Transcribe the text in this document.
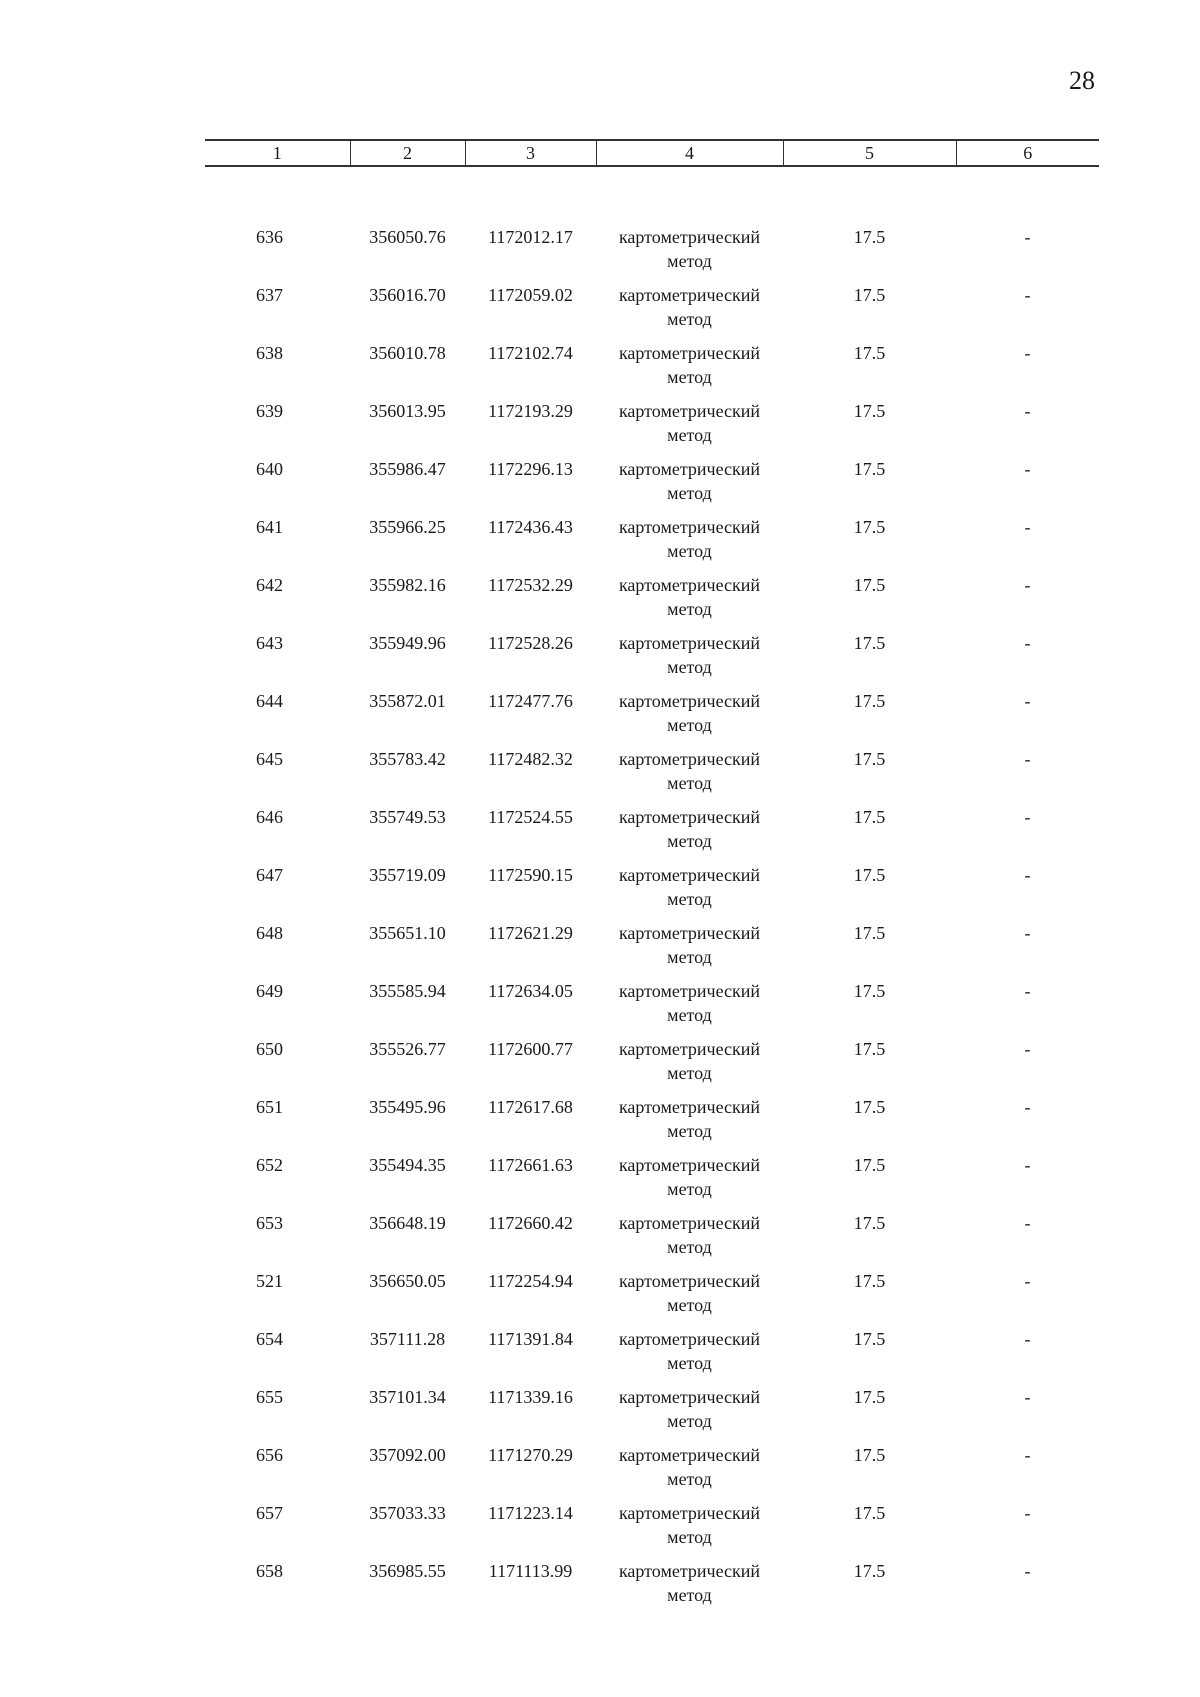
28
1	2	3	4	5	6

636	356050.76	1172012.17	картометрический
метод	17.5	-
637	356016.70	1172059.02	картометрический
метод	17.5	-
638	356010.78	1172102.74	картометрический
метод	17.5	-
639	356013.95	1172193.29	картометрический
метод	17.5	-
640	355986.47	1172296.13	картометрический
метод	17.5	-
641	355966.25	1172436.43	картометрический
метод	17.5	-
642	355982.16	1172532.29	картометрический
метод	17.5	-
643	355949.96	1172528.26	картометрический
метод	17.5	-
644	355872.01	1172477.76	картометрический
метод	17.5	-
645	355783.42	1172482.32	картометрический
метод	17.5	-
646	355749.53	1172524.55	картометрический
метод	17.5	-
647	355719.09	1172590.15	картометрический
метод	17.5	-
648	355651.10	1172621.29	картометрический
метод	17.5	-
649	355585.94	1172634.05	картометрический
метод	17.5	-
650	355526.77	1172600.77	картометрический
метод	17.5	-
651	355495.96	1172617.68	картометрический
метод	17.5	-
652	355494.35	1172661.63	картометрический
метод	17.5	-
653	356648.19	1172660.42	картометрический
метод	17.5	-
521	356650.05	1172254.94	картометрический
метод	17.5	-
654	357111.28	1171391.84	картометрический
метод	17.5	-
655	357101.34	1171339.16	картометрический
метод	17.5	-
656	357092.00	1171270.29	картометрический
метод	17.5	-
657	357033.33	1171223.14	картометрический
метод	17.5	-
658	356985.55	1171113.99	картометрический
метод	17.5	-
